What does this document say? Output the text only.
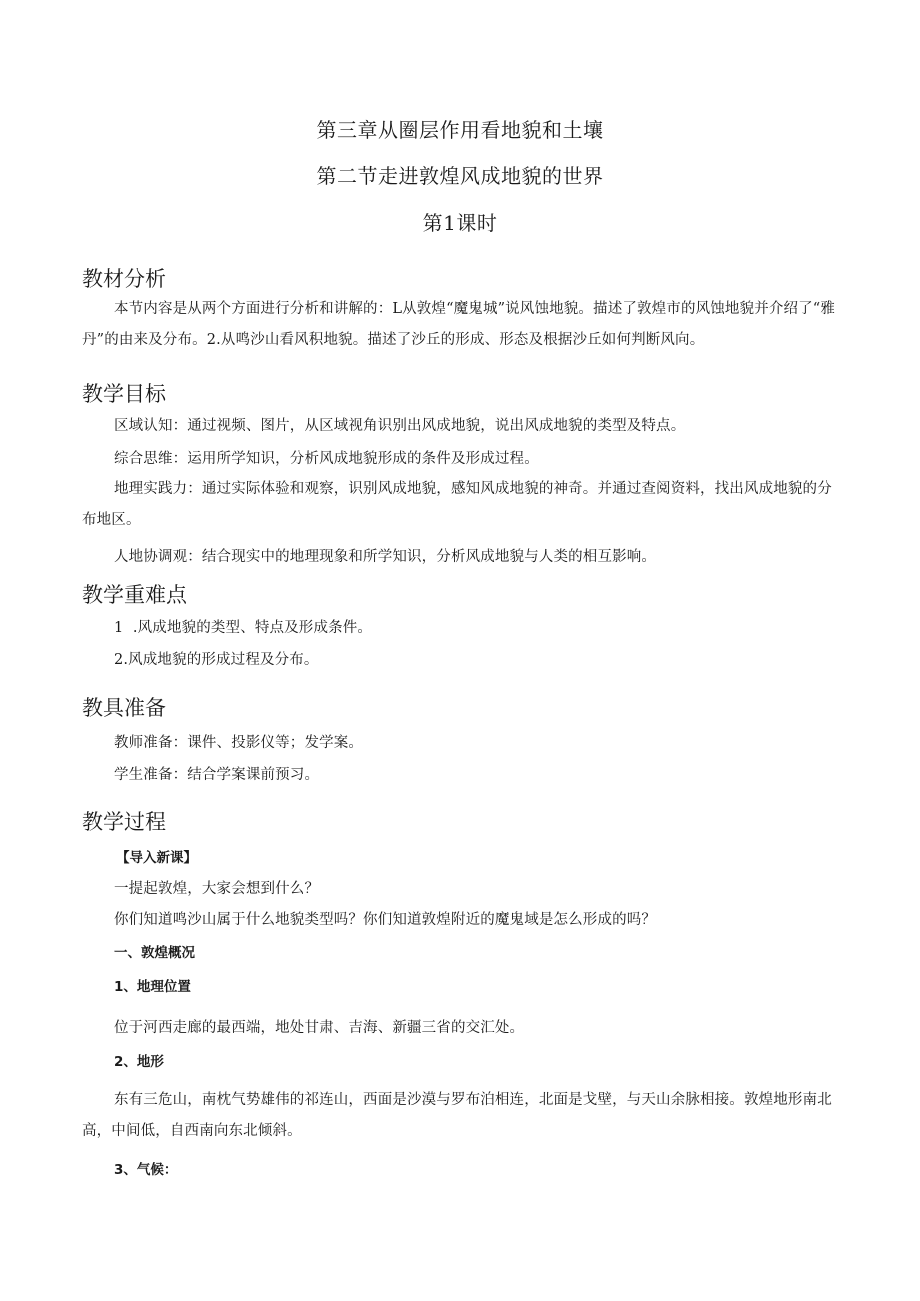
第三章从圈层作用看地貌和土壤
第二节走进敦煌风成地貌的世界
第1课时
教材分析
本节内容是从两个方面进行分析和讲解的：L从敦煌“魔鬼城”说风蚀地貌。描述了敦煌市的风蚀地貌并介绍了“雅丹”的由来及分布。2.从鸣沙山看风积地貌。描述了沙丘的形成、形态及根据沙丘如何判断风向。
教学目标
区域认知：通过视频、图片，从区域视角识别出风成地貌，说出风成地貌的类型及特点。
综合思维：运用所学知识，分析风成地貌形成的条件及形成过程。
地理实践力：通过实际体验和观察，识别风成地貌，感知风成地貌的神奇。并通过查阅资料，找出风成地貌的分布地区。
人地协调观：结合现实中的地理现象和所学知识，分析风成地貌与人类的相互影响。
教学重难点
1  .风成地貌的类型、特点及形成条件。
2.风成地貌的形成过程及分布。
教具准备
教师准备：课件、投影仪等；发学案。
学生准备：结合学案课前预习。
教学过程
【导入新课】
一提起敦煌，大家会想到什么？
你们知道鸣沙山属于什么地貌类型吗？你们知道敦煌附近的魔鬼域是怎么形成的吗？
一、敦煌概况
1、地理位置
位于河西走廊的最西端，地处甘肃、吉海、新疆三省的交汇处。
2、地形
东有三危山，南枕气势雄伟的祁连山，西面是沙漠与罗布泊相连，北面是戈壁，与天山余脉相接。敦煌地形南北高，中间低，自西南向东北倾斜。
3、气候：
